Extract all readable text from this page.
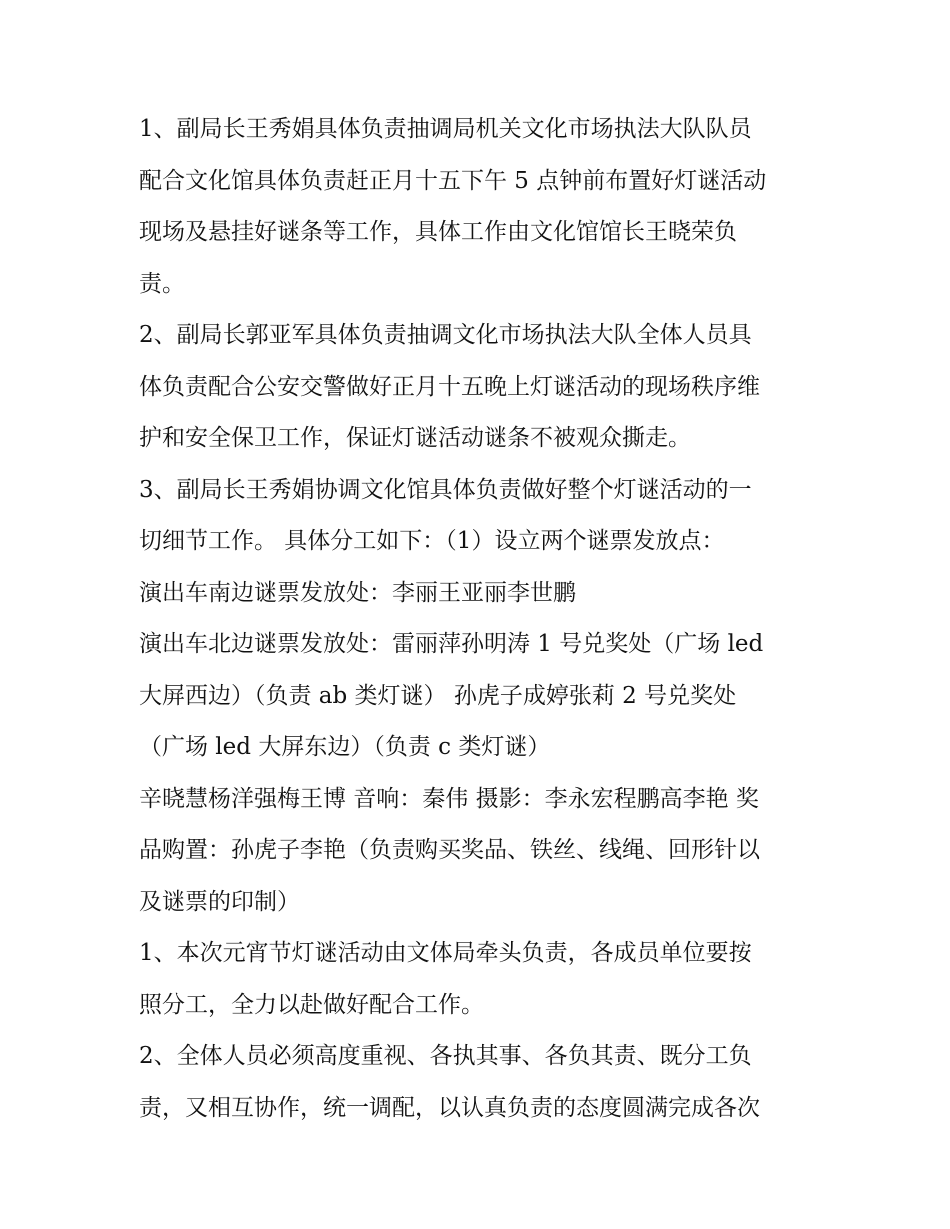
1、副局长王秀娟具体负责抽调局机关文化市场执法大队队员
配合文化馆具体负责赶正月十五下午 5 点钟前布置好灯谜活动
现场及悬挂好谜条等工作，具体工作由文化馆馆长王晓荣负
责。
2、副局长郭亚军具体负责抽调文化市场执法大队全体人员具
体负责配合公安交警做好正月十五晚上灯谜活动的现场秩序维
护和安全保卫工作，保证灯谜活动谜条不被观众撕走。
3、副局长王秀娟协调文化馆具体负责做好整个灯谜活动的一
切细节工作。 具体分工如下：（1）设立两个谜票发放点：
演出车南边谜票发放处：李丽王亚丽李世鹏
演出车北边谜票发放处：雷丽萍孙明涛 1 号兑奖处（广场 led
大屏西边）（负责 ab 类灯谜） 孙虎子成婷张莉 2 号兑奖处
（广场 led 大屏东边）（负责 c 类灯谜）
辛晓慧杨洋强梅王博 音响：秦伟 摄影：李永宏程鹏高李艳 奖
品购置：孙虎子李艳（负责购买奖品、铁丝、线绳、回形针以
及谜票的印制）
1、本次元宵节灯谜活动由文体局牵头负责，各成员单位要按
照分工，全力以赴做好配合工作。
2、全体人员必须高度重视、各执其事、各负其责、既分工负
责，又相互协作，统一调配，以认真负责的态度圆满完成各次
